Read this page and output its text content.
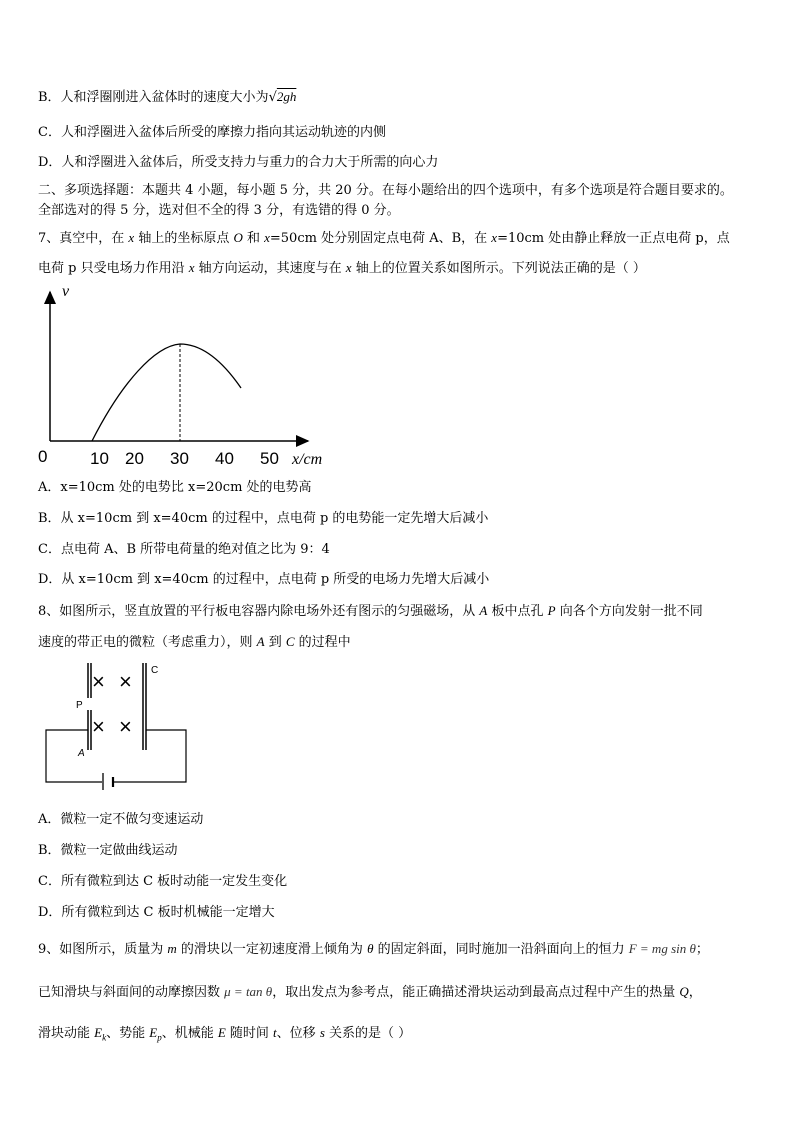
B．人和浮圈刚进入盆体时的速度大小为√2gh
C．人和浮圈进入盆体后所受的摩擦力指向其运动轨迹的内侧
D．人和浮圈进入盆体后，所受支持力与重力的合力大于所需的向心力
二、多项选择题：本题共 4 小题，每小题 5 分，共 20 分。在每小题给出的四个选项中，有多个选项是符合题目要求的。
全部选对的得 5 分，选对但不全的得 3 分，有选错的得 0 分。
7、真空中，在 x 轴上的坐标原点 O 和 x=50cm 处分别固定点电荷 A、B，在 x=10cm 处由静止释放一正点电荷 p，点
电荷 p 只受电场力作用沿 x 轴方向运动，其速度与在 x 轴上的位置关系如图所示。下列说法正确的是（ ）
v
0	10 20 30 40 50 x/cm
A．x=10cm 处的电势比 x=20cm 处的电势高
B．从 x=10cm 到 x=40cm 的过程中，点电荷 p 的电势能一定先增大后减小
C．点电荷 A、B 所带电荷量的绝对值之比为 9：4
D．从 x=10cm 到 x=40cm 的过程中，点电荷 p 所受的电场力先增大后减小
8、如图所示，竖直放置的平行板电容器内除电场外还有图示的匀强磁场，从 A 板中点孔 P 向各个方向发射一批不同
速度的带正电的微粒（考虑重力），则 A 到 C 的过程中
P
C
A
× ×
× ×
A．微粒一定不做匀变速运动
B．微粒一定做曲线运动
C．所有微粒到达 C 板时动能一定发生变化
D．所有微粒到达 C 板时机械能一定增大
9、如图所示，质量为 m 的滑块以一定初速度滑上倾角为 θ 的固定斜面，同时施加一沿斜面向上的恒力 F = mg sin θ；
已知滑块与斜面间的动摩擦因数 μ = tan θ，取出发点为参考点，能正确描述滑块运动到最高点过程中产生的热量 Q，
滑块动能 $E_k$、势能 $E_p$、机械能 E 随时间 t、位移 s 关系的是（ ）
